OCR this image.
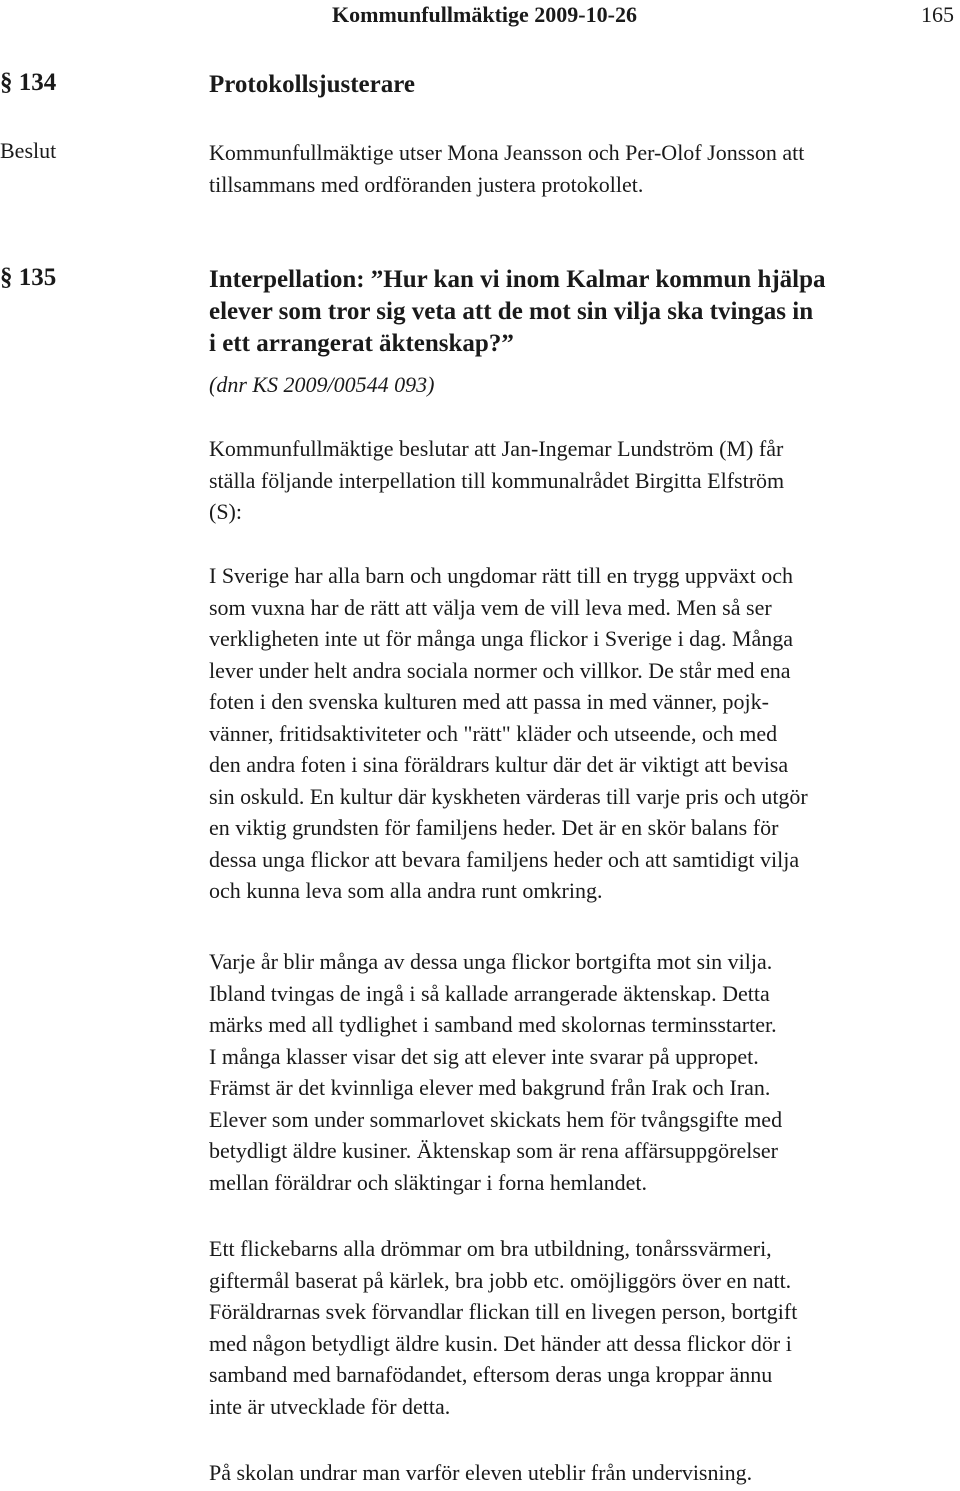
Kommunfullmäktige 2009-10-26	165
§ 134	Protokollsjusterare
Beslut	Kommunfullmäktige utser Mona Jeansson och Per-Olof Jonsson att
tillsammans med ordföranden justera protokollet.
§ 135	Interpellation: ”Hur kan vi inom Kalmar kommun hjälpa
elever som tror sig veta att de mot sin vilja ska tvingas in
i ett arrangerat äktenskap?”
(dnr KS 2009/00544 093)
Kommunfullmäktige beslutar att Jan-Ingemar Lundström (M) får
ställa följande interpellation till kommunalrådet Birgitta Elfström
(S):
I Sverige har alla barn och ungdomar rätt till en trygg uppväxt och
som vuxna har de rätt att välja vem de vill leva med. Men så ser
verkligheten inte ut för många unga flickor i Sverige i dag. Många
lever under helt andra sociala normer och villkor. De står med ena
foten i den svenska kulturen med att passa in med vänner, pojk-
vänner, fritidsaktiviteter och "rätt" kläder och utseende, och med
den andra foten i sina föräldrars kultur där det är viktigt att bevisa
sin oskuld. En kultur där kyskheten värderas till varje pris och utgör
en viktig grundsten för familjens heder. Det är en skör balans för
dessa unga flickor att bevara familjens heder och att samtidigt vilja
och kunna leva som alla andra runt omkring.
Varje år blir många av dessa unga flickor bortgifta mot sin vilja.
Ibland tvingas de ingå i så kallade arrangerade äktenskap. Detta
märks med all tydlighet i samband med skolornas terminsstarter.
I många klasser visar det sig att elever inte svarar på uppropet.
Främst är det kvinnliga elever med bakgrund från Irak och Iran.
Elever som under sommarlovet skickats hem för tvångsgifte med
betydligt äldre kusiner. Äktenskap som är rena affärsuppgörelser
mellan föräldrar och släktingar i forna hemlandet.
Ett flickebarns alla drömmar om bra utbildning, tonårssvärmeri,
giftermål baserat på kärlek, bra jobb etc. omöjliggörs över en natt.
Föräldrarnas svek förvandlar flickan till en livegen person, bortgift
med någon betydligt äldre kusin. Det händer att dessa flickor dör i
samband med barnafödandet, eftersom deras unga kroppar ännu
inte är utvecklade för detta.
På skolan undrar man varför eleven uteblir från undervisning.
